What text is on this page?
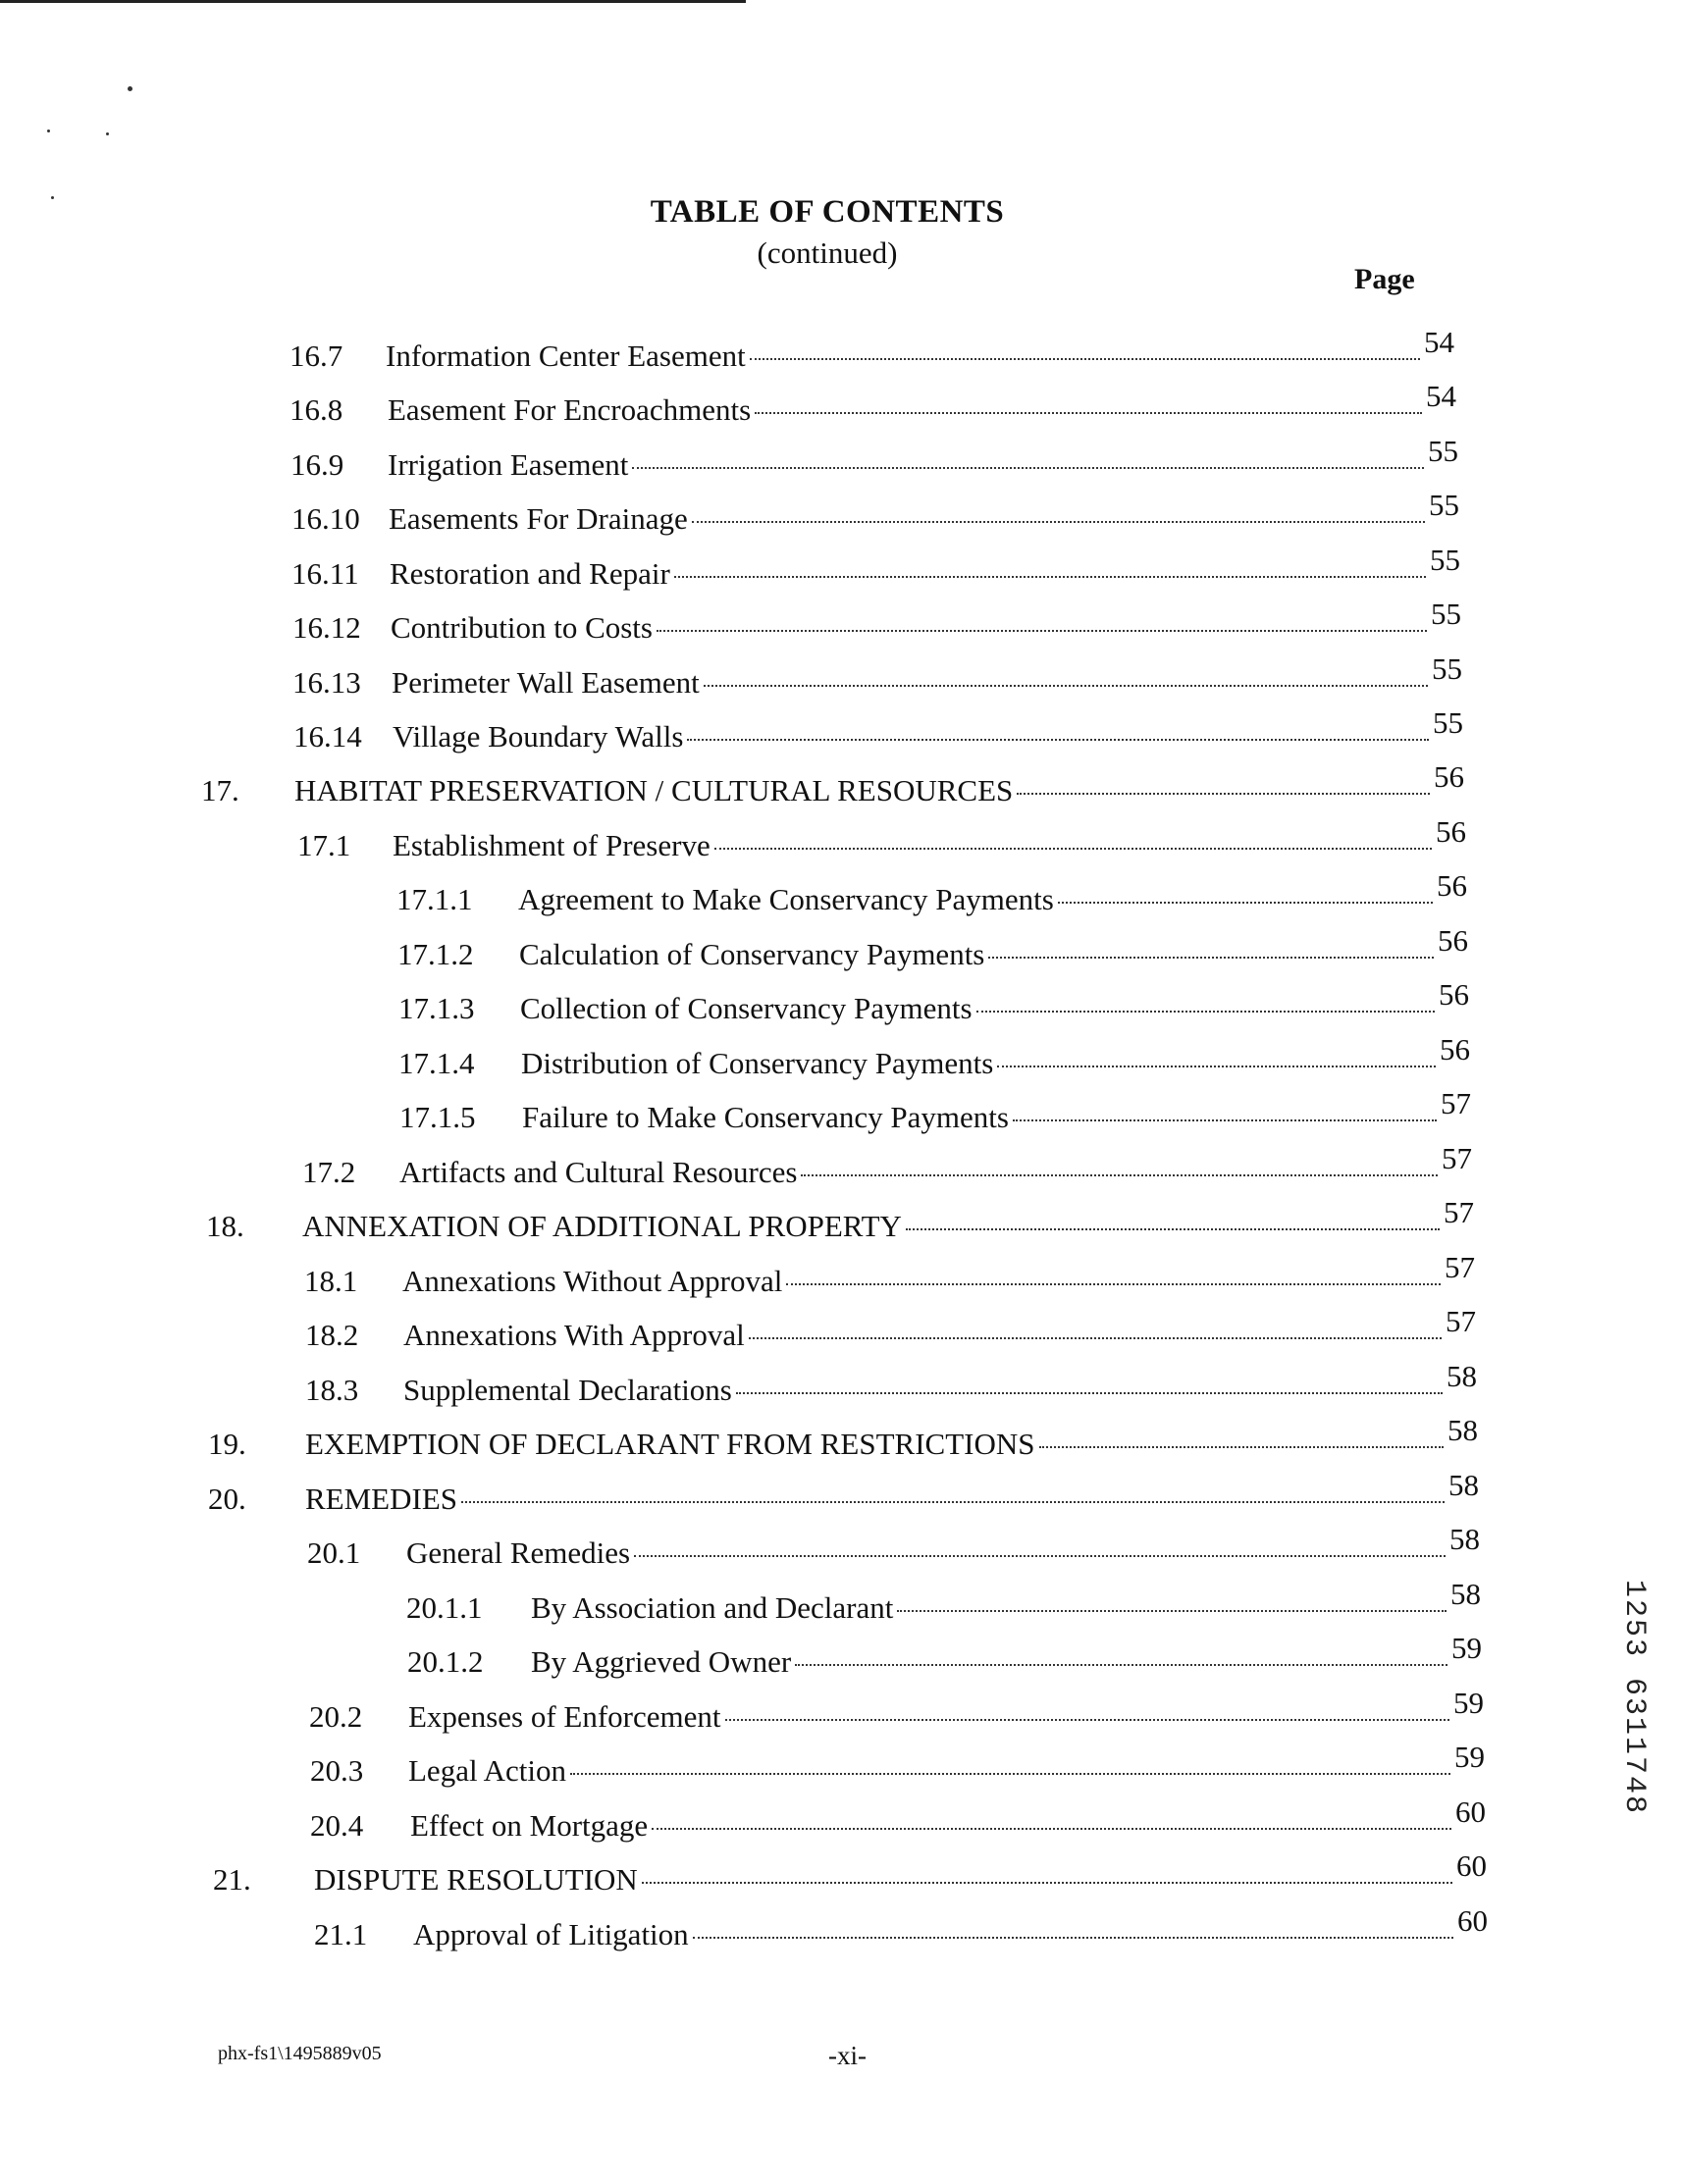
TABLE OF CONTENTS
(continued)
Page
16.7	Information Center Easement	54
16.8	Easement For Encroachments	54
16.9	Irrigation Easement	55
16.10 Easements For Drainage	55
16.11	Restoration and Repair	55
16.12 Contribution to Costs	55
16.13	Perimeter Wall Easement	55
16.14	Village Boundary Walls	55
17.	HABITAT PRESERVATION / CULTURAL RESOURCES	56
17.1	Establishment of Preserve	56
17.1.1	Agreement to Make Conservancy Payments	56
17.1.2	Calculation of Conservancy Payments	56
17.1.3	Collection of Conservancy Payments	56
17.1.4	Distribution of Conservancy Payments	56
17.1.5	Failure to Make Conservancy Payments	57
17.2	Artifacts and Cultural Resources	57
18.	ANNEXATION OF ADDITIONAL PROPERTY	57
18.1	Annexations Without Approval	57
18.2	Annexations With Approval	57
18.3	Supplemental Declarations	58
19.	EXEMPTION OF DECLARANT FROM RESTRICTIONS	58
20.	REMEDIES	58
20.1	General Remedies	58
20.1.1	By Association and Declarant	58
20.1.2	By Aggrieved Owner	59
20.2	Expenses of Enforcement	59
20.3	Legal Action	59
20.4	Effect on Mortgage	60
21.	DISPUTE RESOLUTION	60
21.1	Approval of Litigation	60
phx-fs1\1495889v05	-xi-
1253 6311748
